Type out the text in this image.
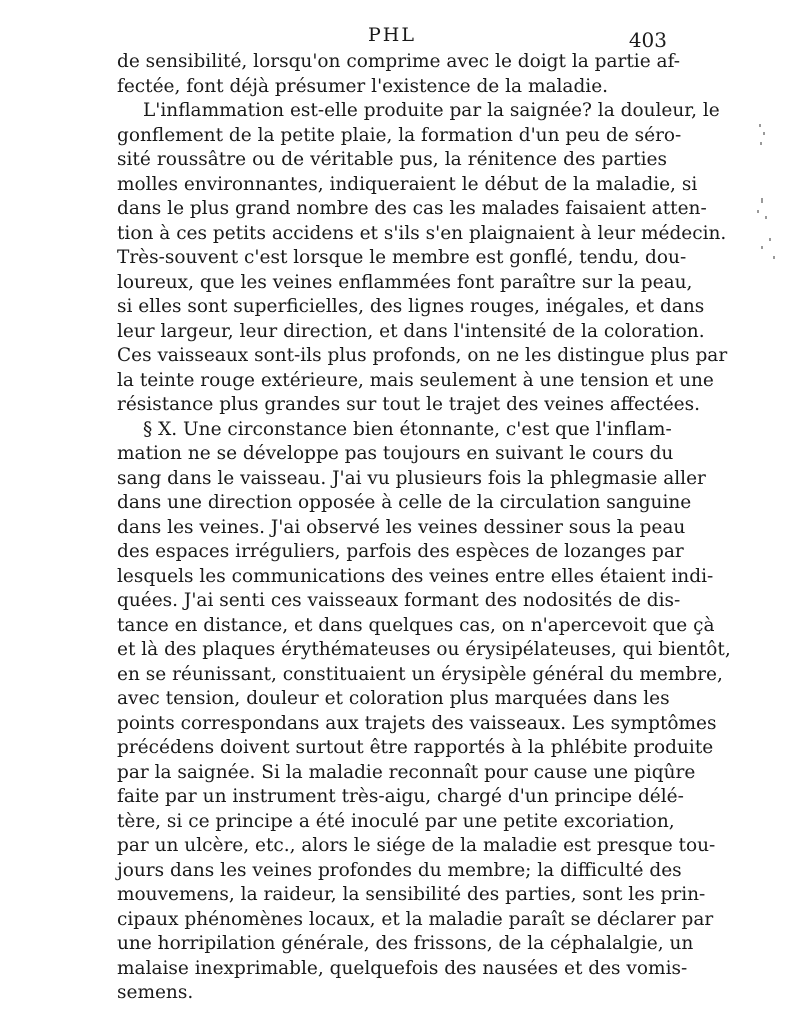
PHL	403
de sensibilité, lorsqu'on comprime avec le doigt la partie af-
fectée, font déjà présumer l'existence de la maladie.
L'inflammation est-elle produite par la saignée? la douleur, le
gonflement de la petite plaie, la formation d'un peu de séro-
sité roussâtre ou de véritable pus, la rénitence des parties
molles environnantes, indiqueraient le début de la maladie, si
dans le plus grand nombre des cas les malades faisaient atten-
tion à ces petits accidens et s'ils s'en plaignaient à leur médecin.
Très-souvent c'est lorsque le membre est gonflé, tendu, dou-
loureux, que les veines enflammées font paraître sur la peau,
si elles sont superficielles, des lignes rouges, inégales, et dans
leur largeur, leur direction, et dans l'intensité de la coloration.
Ces vaisseaux sont-ils plus profonds, on ne les distingue plus par
la teinte rouge extérieure, mais seulement à une tension et une
résistance plus grandes sur tout le trajet des veines affectées.
§ X. Une circonstance bien étonnante, c'est que l'inflam-
mation ne se développe pas toujours en suivant le cours du
sang dans le vaisseau. J'ai vu plusieurs fois la phlegmasie aller
dans une direction opposée à celle de la circulation sanguine
dans les veines. J'ai observé les veines dessiner sous la peau
des espaces irréguliers, parfois des espèces de lozanges par
lesquels les communications des veines entre elles étaient indi-
quées. J'ai senti ces vaisseaux formant des nodosités de dis-
tance en distance, et dans quelques cas, on n'apercevoit que çà
et là des plaques érythémateuses ou érysipélateuses, qui bientôt,
en se réunissant, constituaient un érysipèle général du membre,
avec tension, douleur et coloration plus marquées dans les
points correspondans aux trajets des vaisseaux. Les symptômes
précédens doivent surtout être rapportés à la phlébite produite
par la saignée. Si la maladie reconnaît pour cause une piqûre
faite par un instrument très-aigu, chargé d'un principe délé-
tère, si ce principe a été inoculé par une petite excoriation,
par un ulcère, etc., alors le siége de la maladie est presque tou-
jours dans les veines profondes du membre; la difficulté des
mouvemens, la raideur, la sensibilité des parties, sont les prin-
cipaux phénomènes locaux, et la maladie paraît se déclarer par
une horripilation générale, des frissons, de la céphalalgie, un
malaise inexprimable, quelquefois des nausées et des vomis-
semens.
